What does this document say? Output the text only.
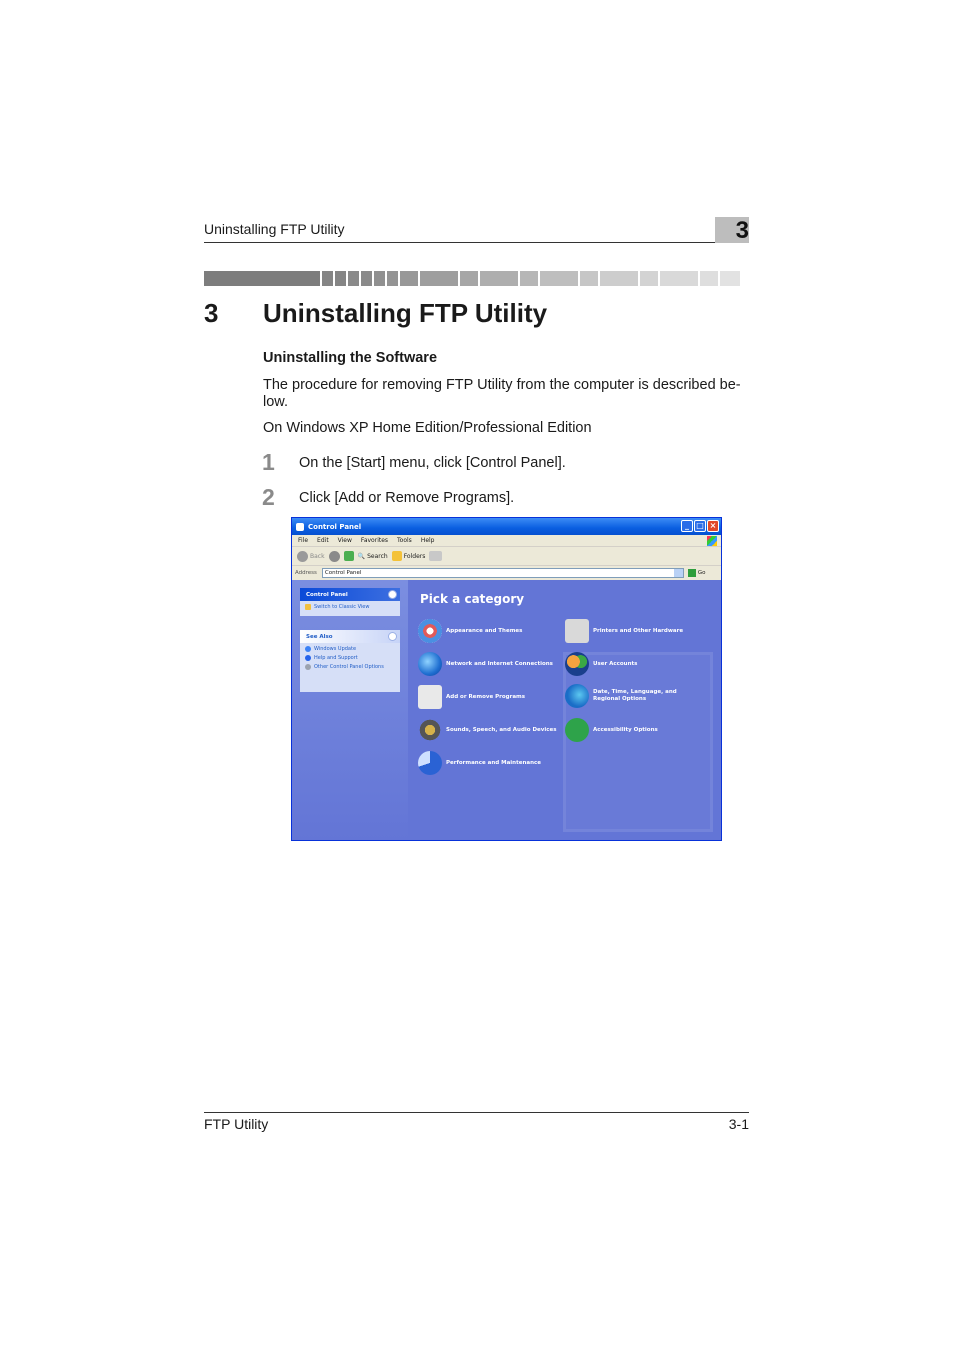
Uninstalling FTP Utility	3
3 Uninstalling FTP Utility
Uninstalling the Software

The procedure for removing FTP Utility from the computer is described be-low.

On Windows XP Home Edition/Professional Edition

1 On the [Start] menu, click [Control Panel].
2 Click [Add or Remove Programs].
Control Panel	_ □ ×
File Edit View Favorites Tools Help
Back	🔍 Search	Folders
Address Control Panel	Go
Control Panel
Switch to Classic View
See Also
Windows Update
Help and Support
Other Control Panel Options
Pick a category
Appearance and Themes	Printers and Other Hardware
Network and Internet Connections	User Accounts
Add or Remove Programs
Date, Time, Language, and Regional Options
Sounds, Speech, and Audio Devices	Accessibility Options
Performance and Maintenance
FTP Utility	3-1
